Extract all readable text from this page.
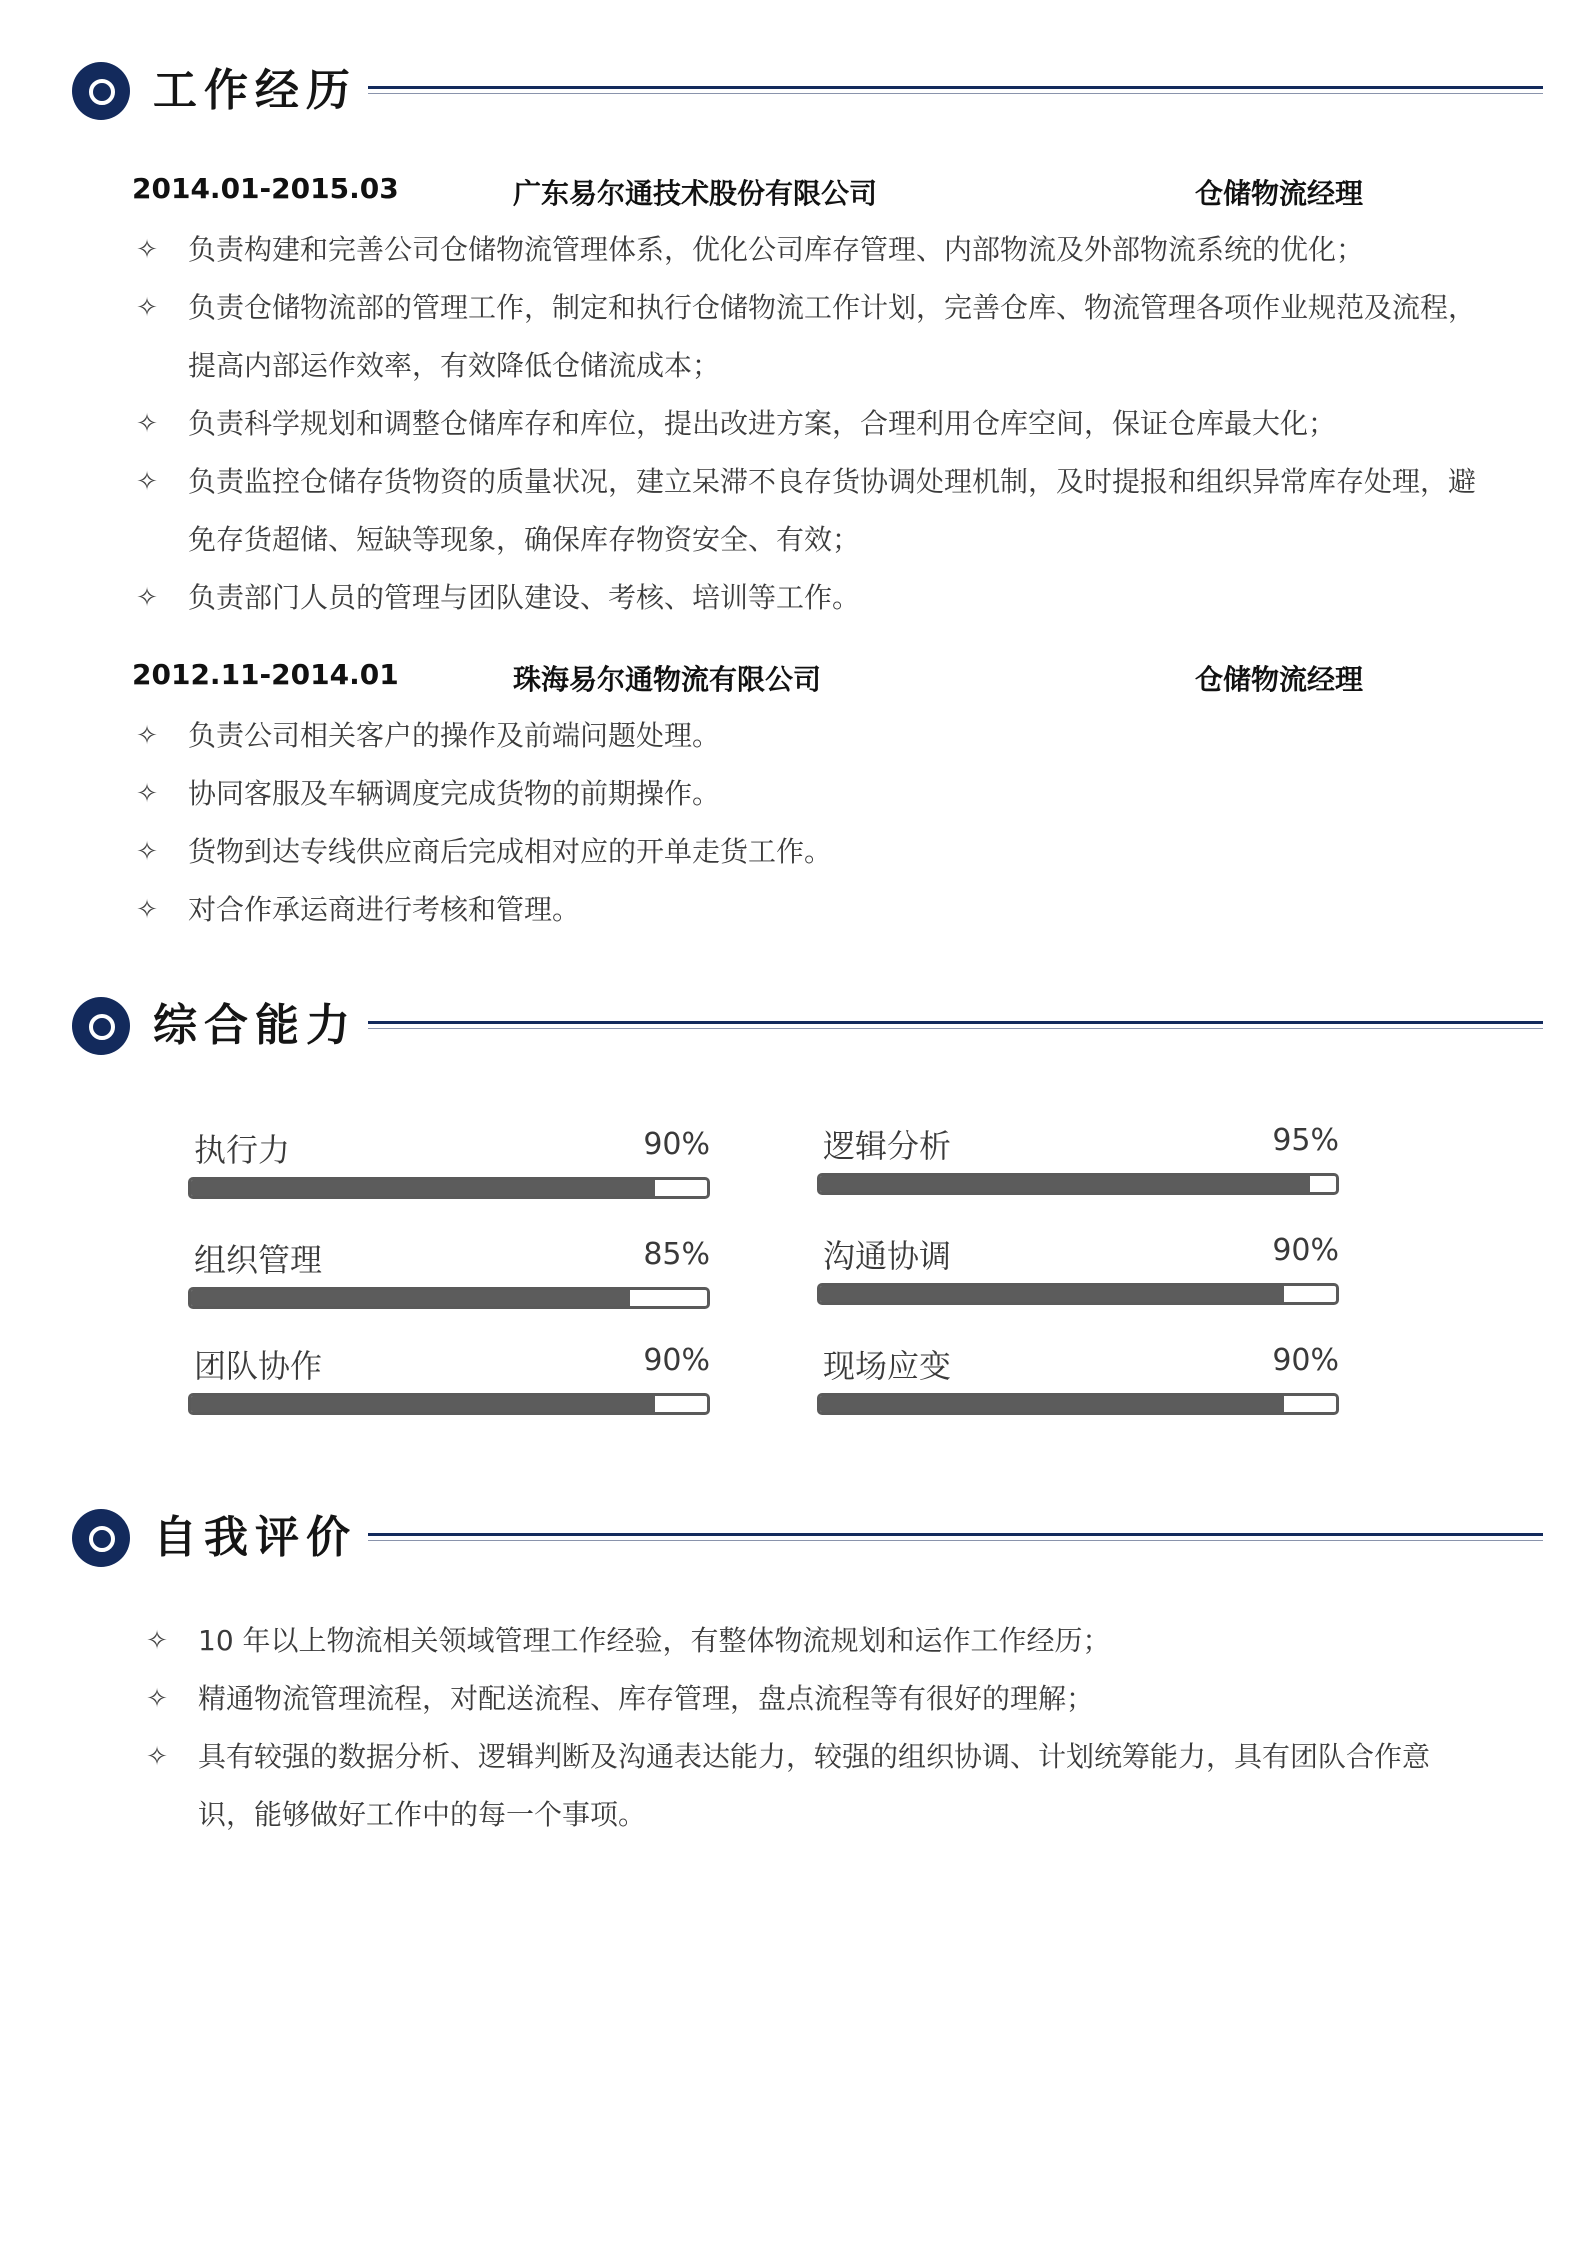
工作经历
2014.01-2015.03	广东易尔通技术股份有限公司	仓储物流经理
✧ 负责构建和完善公司仓储物流管理体系，优化公司库存管理、内部物流及外部物流系统的优化；
✧ 负责仓储物流部的管理工作，制定和执行仓储物流工作计划，完善仓库、物流管理各项作业规范及流程，提高内部运作效率，有效降低仓储流成本；
✧ 负责科学规划和调整仓储库存和库位，提出改进方案，合理利用仓库空间，保证仓库最大化；
✧ 负责监控仓储存货物资的质量状况，建立呆滞不良存货协调处理机制，及时提报和组织异常库存处理，避免存货超储、短缺等现象，确保库存物资安全、有效；
✧ 负责部门人员的管理与团队建设、考核、培训等工作。
2012.11-2014.01	珠海易尔通物流有限公司	仓储物流经理
✧ 负责公司相关客户的操作及前端问题处理。
✧ 协同客服及车辆调度完成货物的前期操作。
✧ 货物到达专线供应商后完成相对应的开单走货工作。
✧ 对合作承运商进行考核和管理。
综合能力
执行力	90%	逻辑分析	95%
组织管理	85%	沟通协调	90%
团队协作	90%	现场应变	90%
自我评价
✧ 10 年以上物流相关领域管理工作经验，有整体物流规划和运作工作经历；
✧ 精通物流管理流程，对配送流程、库存管理，盘点流程等有很好的理解；
✧ 具有较强的数据分析、逻辑判断及沟通表达能力，较强的组织协调、计划统筹能力，具有团队合作意识，能够做好工作中的每一个事项。
